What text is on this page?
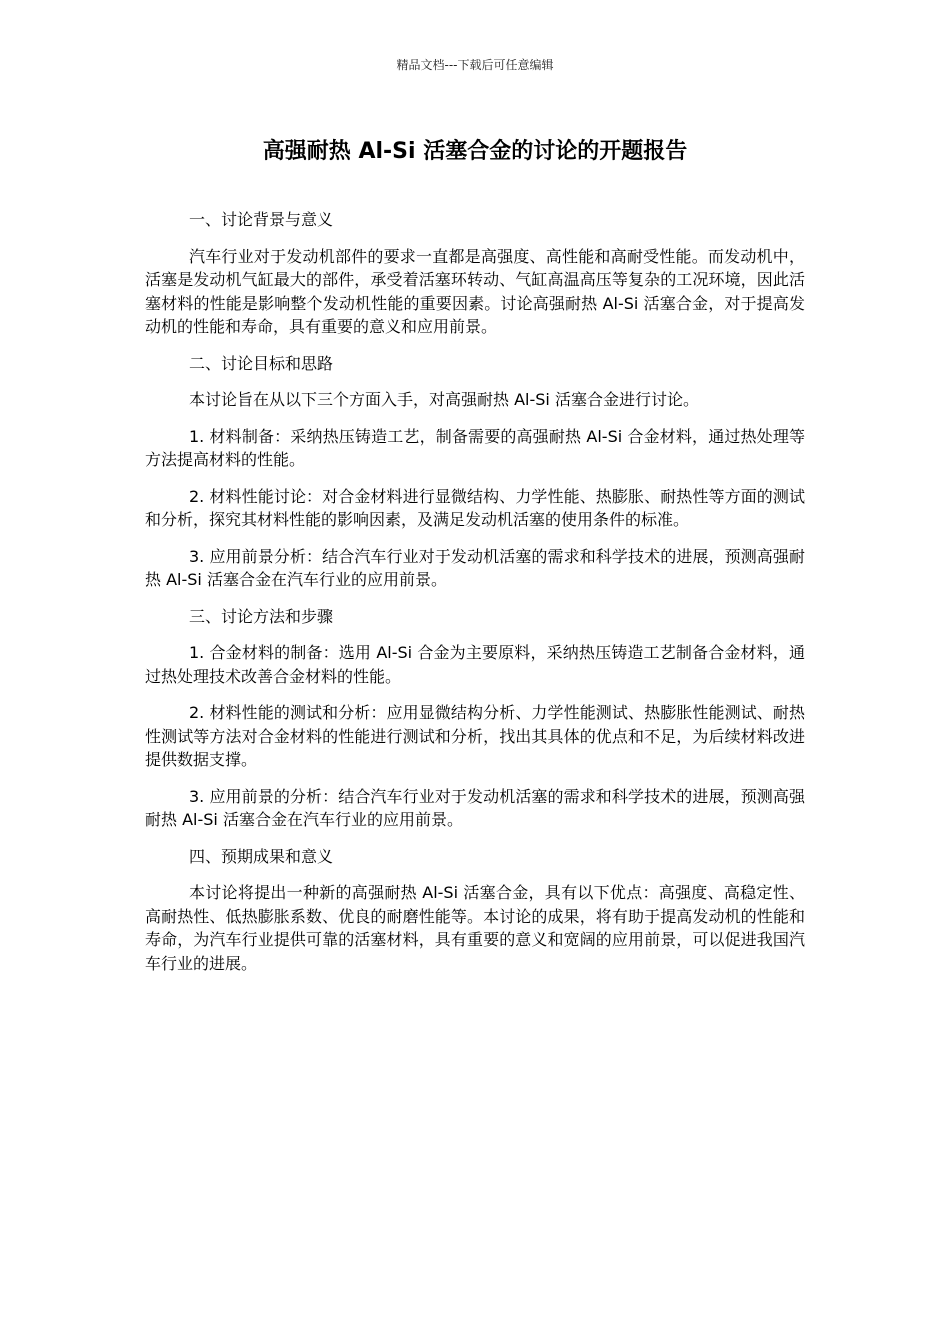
精品文档---下载后可任意编辑
高强耐热 Al-Si 活塞合金的讨论的开题报告

一、讨论背景与意义

汽车行业对于发动机部件的要求一直都是高强度、高性能和高耐受性能。而发动机中，活塞是发动机气缸最大的部件，承受着活塞环转动、气缸高温高压等复杂的工况环境，因此活塞材料的性能是影响整个发动机性能的重要因素。讨论高强耐热 Al-Si 活塞合金，对于提高发动机的性能和寿命，具有重要的意义和应用前景。

二、讨论目标和思路

本讨论旨在从以下三个方面入手，对高强耐热 Al-Si 活塞合金进行讨论。

1. 材料制备：采纳热压铸造工艺，制备需要的高强耐热 Al-Si 合金材料，通过热处理等方法提高材料的性能。

2. 材料性能讨论：对合金材料进行显微结构、力学性能、热膨胀、耐热性等方面的测试和分析，探究其材料性能的影响因素，及满足发动机活塞的使用条件的标准。

3. 应用前景分析：结合汽车行业对于发动机活塞的需求和科学技术的进展，预测高强耐热 Al-Si 活塞合金在汽车行业的应用前景。

三、讨论方法和步骤

1. 合金材料的制备：选用 Al-Si 合金为主要原料，采纳热压铸造工艺制备合金材料，通过热处理技术改善合金材料的性能。

2. 材料性能的测试和分析：应用显微结构分析、力学性能测试、热膨胀性能测试、耐热性测试等方法对合金材料的性能进行测试和分析，找出其具体的优点和不足，为后续材料改进提供数据支撑。

3. 应用前景的分析：结合汽车行业对于发动机活塞的需求和科学技术的进展，预测高强耐热 Al-Si 活塞合金在汽车行业的应用前景。

四、预期成果和意义

本讨论将提出一种新的高强耐热 Al-Si 活塞合金，具有以下优点：高强度、高稳定性、高耐热性、低热膨胀系数、优良的耐磨性能等。本讨论的成果，将有助于提高发动机的性能和寿命，为汽车行业提供可靠的活塞材料，具有重要的意义和宽阔的应用前景，可以促进我国汽车行业的进展。
